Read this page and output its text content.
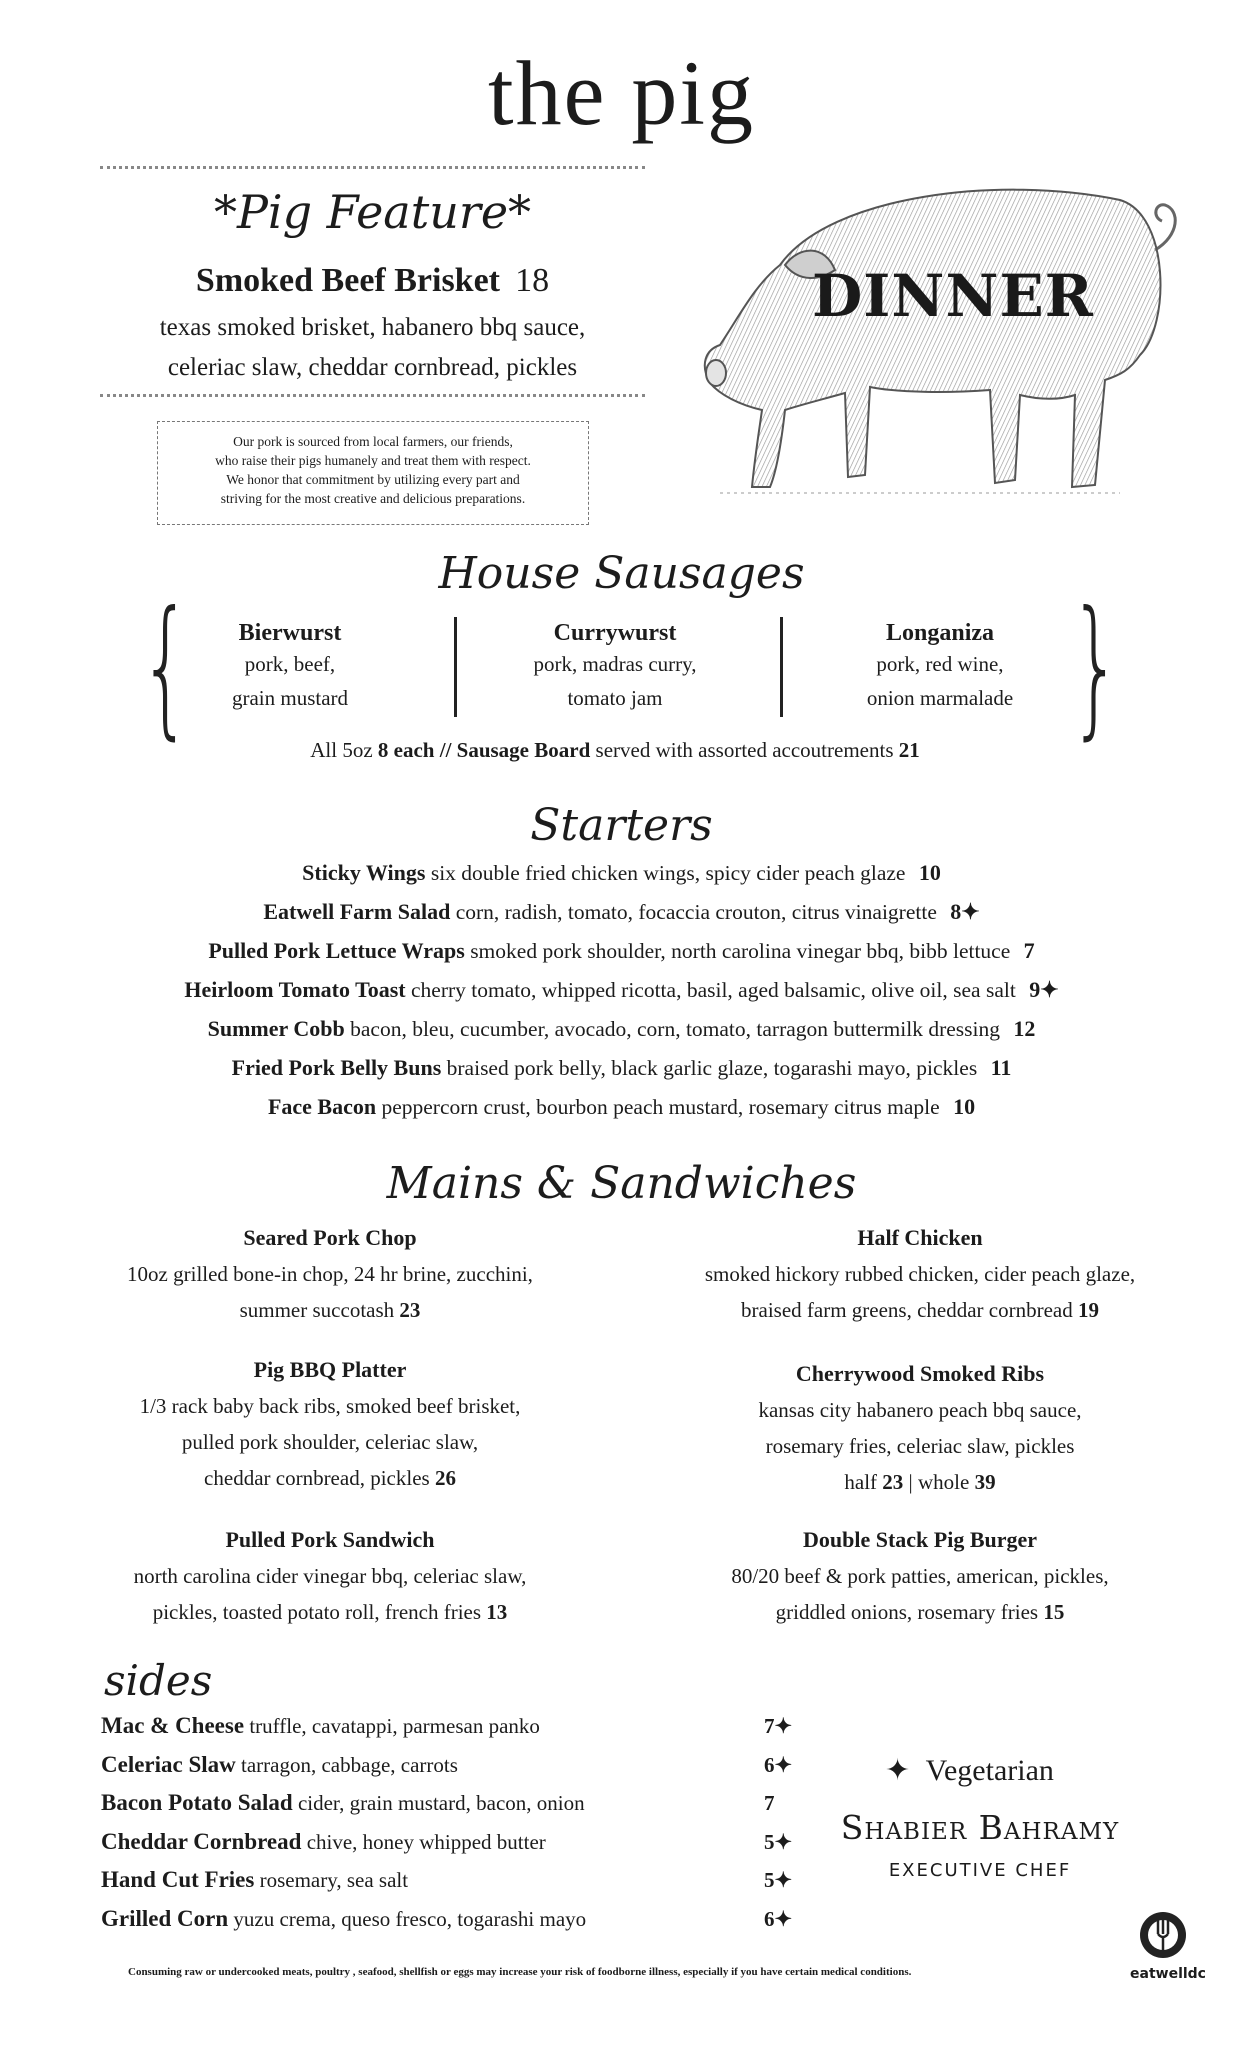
the pig
*Pig Feature*
Smoked Beef Brisket 18
texas smoked brisket, habanero bbq sauce,
celeriac slaw, cheddar cornbread, pickles
Our pork is sourced from local farmers, our friends,
who raise their pigs humanely and treat them with respect.
We honor that commitment by utilizing every part and
striving for the most creative and delicious preparations.
DINNER
House Sausages
{	}
Bierwurst
pork, beef,
grain mustard
Currywurst
pork, madras curry,
tomato jam
Longaniza
pork, red wine,
onion marmalade
All 5oz 8 each // Sausage Board served with assorted accoutrements 21
Starters
Sticky Wings six double fried chicken wings, spicy cider peach glaze 10
Eatwell Farm Salad corn, radish, tomato, focaccia crouton, citrus vinaigrette 8✦
Pulled Pork Lettuce Wraps smoked pork shoulder, north carolina vinegar bbq, bibb lettuce 7
Heirloom Tomato Toast cherry tomato, whipped ricotta, basil, aged balsamic, olive oil, sea salt 9✦
Summer Cobb bacon, bleu, cucumber, avocado, corn, tomato, tarragon buttermilk dressing 12
Fried Pork Belly Buns braised pork belly, black garlic glaze, togarashi mayo, pickles 11
Face Bacon peppercorn crust, bourbon peach mustard, rosemary citrus maple 10
Mains & Sandwiches
Seared Pork Chop
10oz grilled bone-in chop, 24 hr brine, zucchini,
summer succotash 23
Pig BBQ Platter
1/3 rack baby back ribs, smoked beef brisket,
pulled pork shoulder, celeriac slaw,
cheddar cornbread, pickles 26
Pulled Pork Sandwich
north carolina cider vinegar bbq, celeriac slaw,
pickles, toasted potato roll, french fries 13
Half Chicken
smoked hickory rubbed chicken, cider peach glaze,
braised farm greens, cheddar cornbread 19
Cherrywood Smoked Ribs
kansas city habanero peach bbq sauce,
rosemary fries, celeriac slaw, pickles
half 23 | whole 39
Double Stack Pig Burger
80/20 beef & pork patties, american, pickles,
griddled onions, rosemary fries 15
sides
Mac & Cheese truffle, cavatappi, parmesan panko	7✦
Celeriac Slaw tarragon, cabbage, carrots	6✦
Bacon Potato Salad cider, grain mustard, bacon, onion	7
Cheddar Cornbread chive, honey whipped butter	5✦
Hand Cut Fries rosemary, sea salt	5✦
Grilled Corn yuzu crema, queso fresco, togarashi mayo	6✦
✦ Vegetarian
Shabier Bahramy
EXECUTIVE CHEF
Consuming raw or undercooked meats, poultry , seafood, shellfish or eggs may increase your risk of foodborne illness, especially if you have certain medical conditions.	eatwelldc
